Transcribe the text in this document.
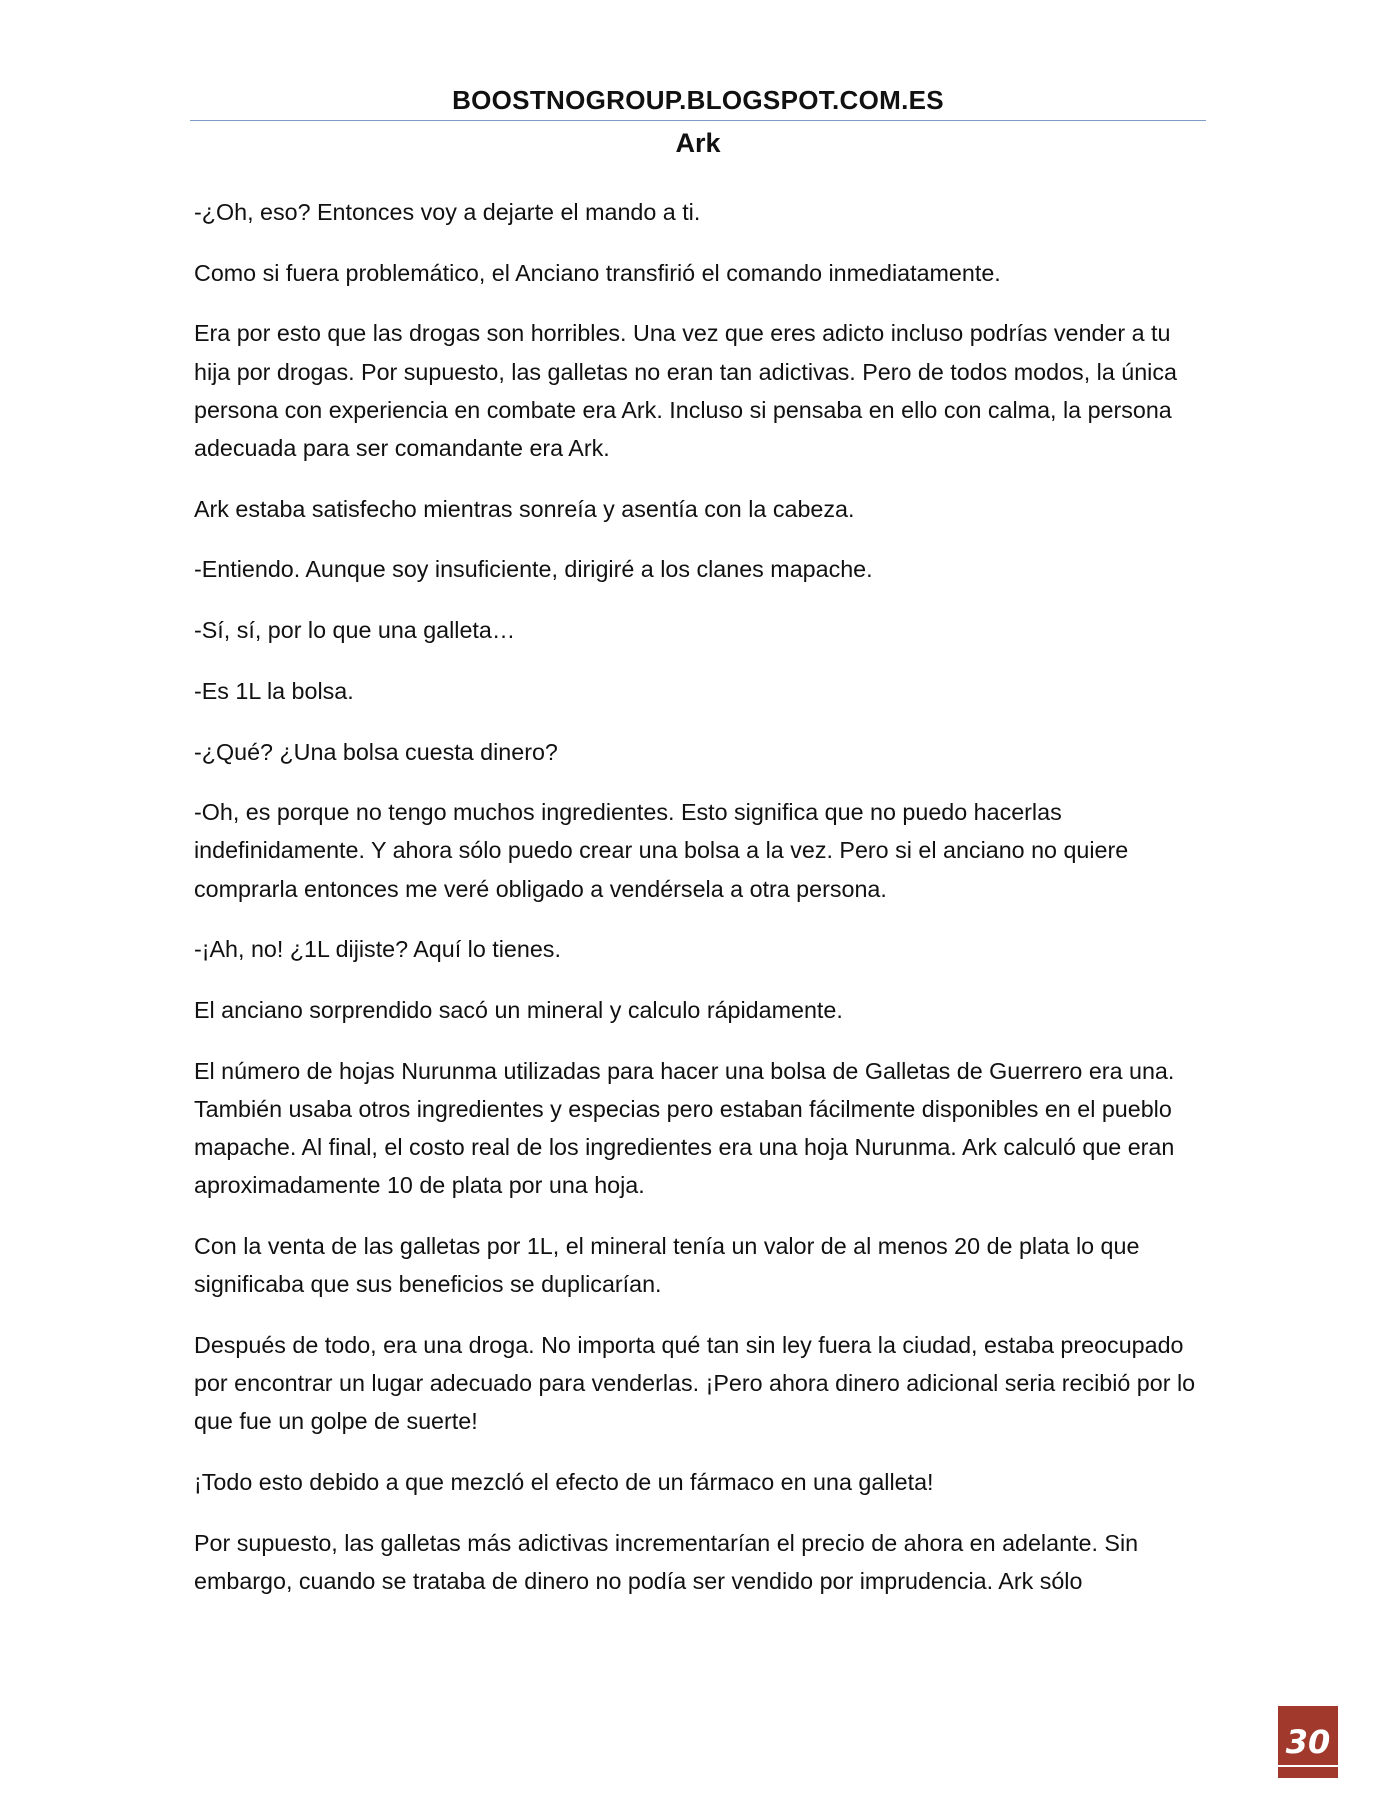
BOOSTNOGROUP.BLOGSPOT.COM.ES
Ark

-¿Oh, eso? Entonces voy a dejarte el mando a ti.

Como si fuera problemático, el Anciano transfirió el comando inmediatamente.

Era por esto que las drogas son horribles. Una vez que eres adicto incluso podrías vender a tu hija por drogas. Por supuesto, las galletas no eran tan adictivas. Pero de todos modos, la única persona con experiencia en combate era Ark. Incluso si pensaba en ello con calma, la persona adecuada para ser comandante era Ark.

Ark estaba satisfecho mientras sonreía y asentía con la cabeza.

-Entiendo. Aunque soy insuficiente, dirigiré a los clanes mapache.

-Sí, sí, por lo que una galleta…

-Es 1L la bolsa.

-¿Qué? ¿Una bolsa cuesta dinero?

-Oh, es porque no tengo muchos ingredientes. Esto significa que no puedo hacerlas indefinidamente. Y ahora sólo puedo crear una bolsa a la vez. Pero si el anciano no quiere comprarla entonces me veré obligado a vendérsela a otra persona.

-¡Ah, no! ¿1L dijiste? Aquí lo tienes.

El anciano sorprendido sacó un mineral y calculo rápidamente.

El número de hojas Nurunma utilizadas para hacer una bolsa de Galletas de Guerrero era una. También usaba otros ingredientes y especias pero estaban fácilmente disponibles en el pueblo mapache. Al final, el costo real de los ingredientes era una hoja Nurunma. Ark calculó que eran aproximadamente 10 de plata por una hoja.

Con la venta de las galletas por 1L, el mineral tenía un valor de al menos 20 de plata lo que significaba que sus beneficios se duplicarían.

Después de todo, era una droga. No importa qué tan sin ley fuera la ciudad, estaba preocupado por encontrar un lugar adecuado para venderlas. ¡Pero ahora dinero adicional seria recibió por lo que fue un golpe de suerte!

¡Todo esto debido a que mezcló el efecto de un fármaco en una galleta!

Por supuesto, las galletas más adictivas incrementarían el precio de ahora en adelante. Sin embargo, cuando se trataba de dinero no podía ser vendido por imprudencia. Ark sólo

30
